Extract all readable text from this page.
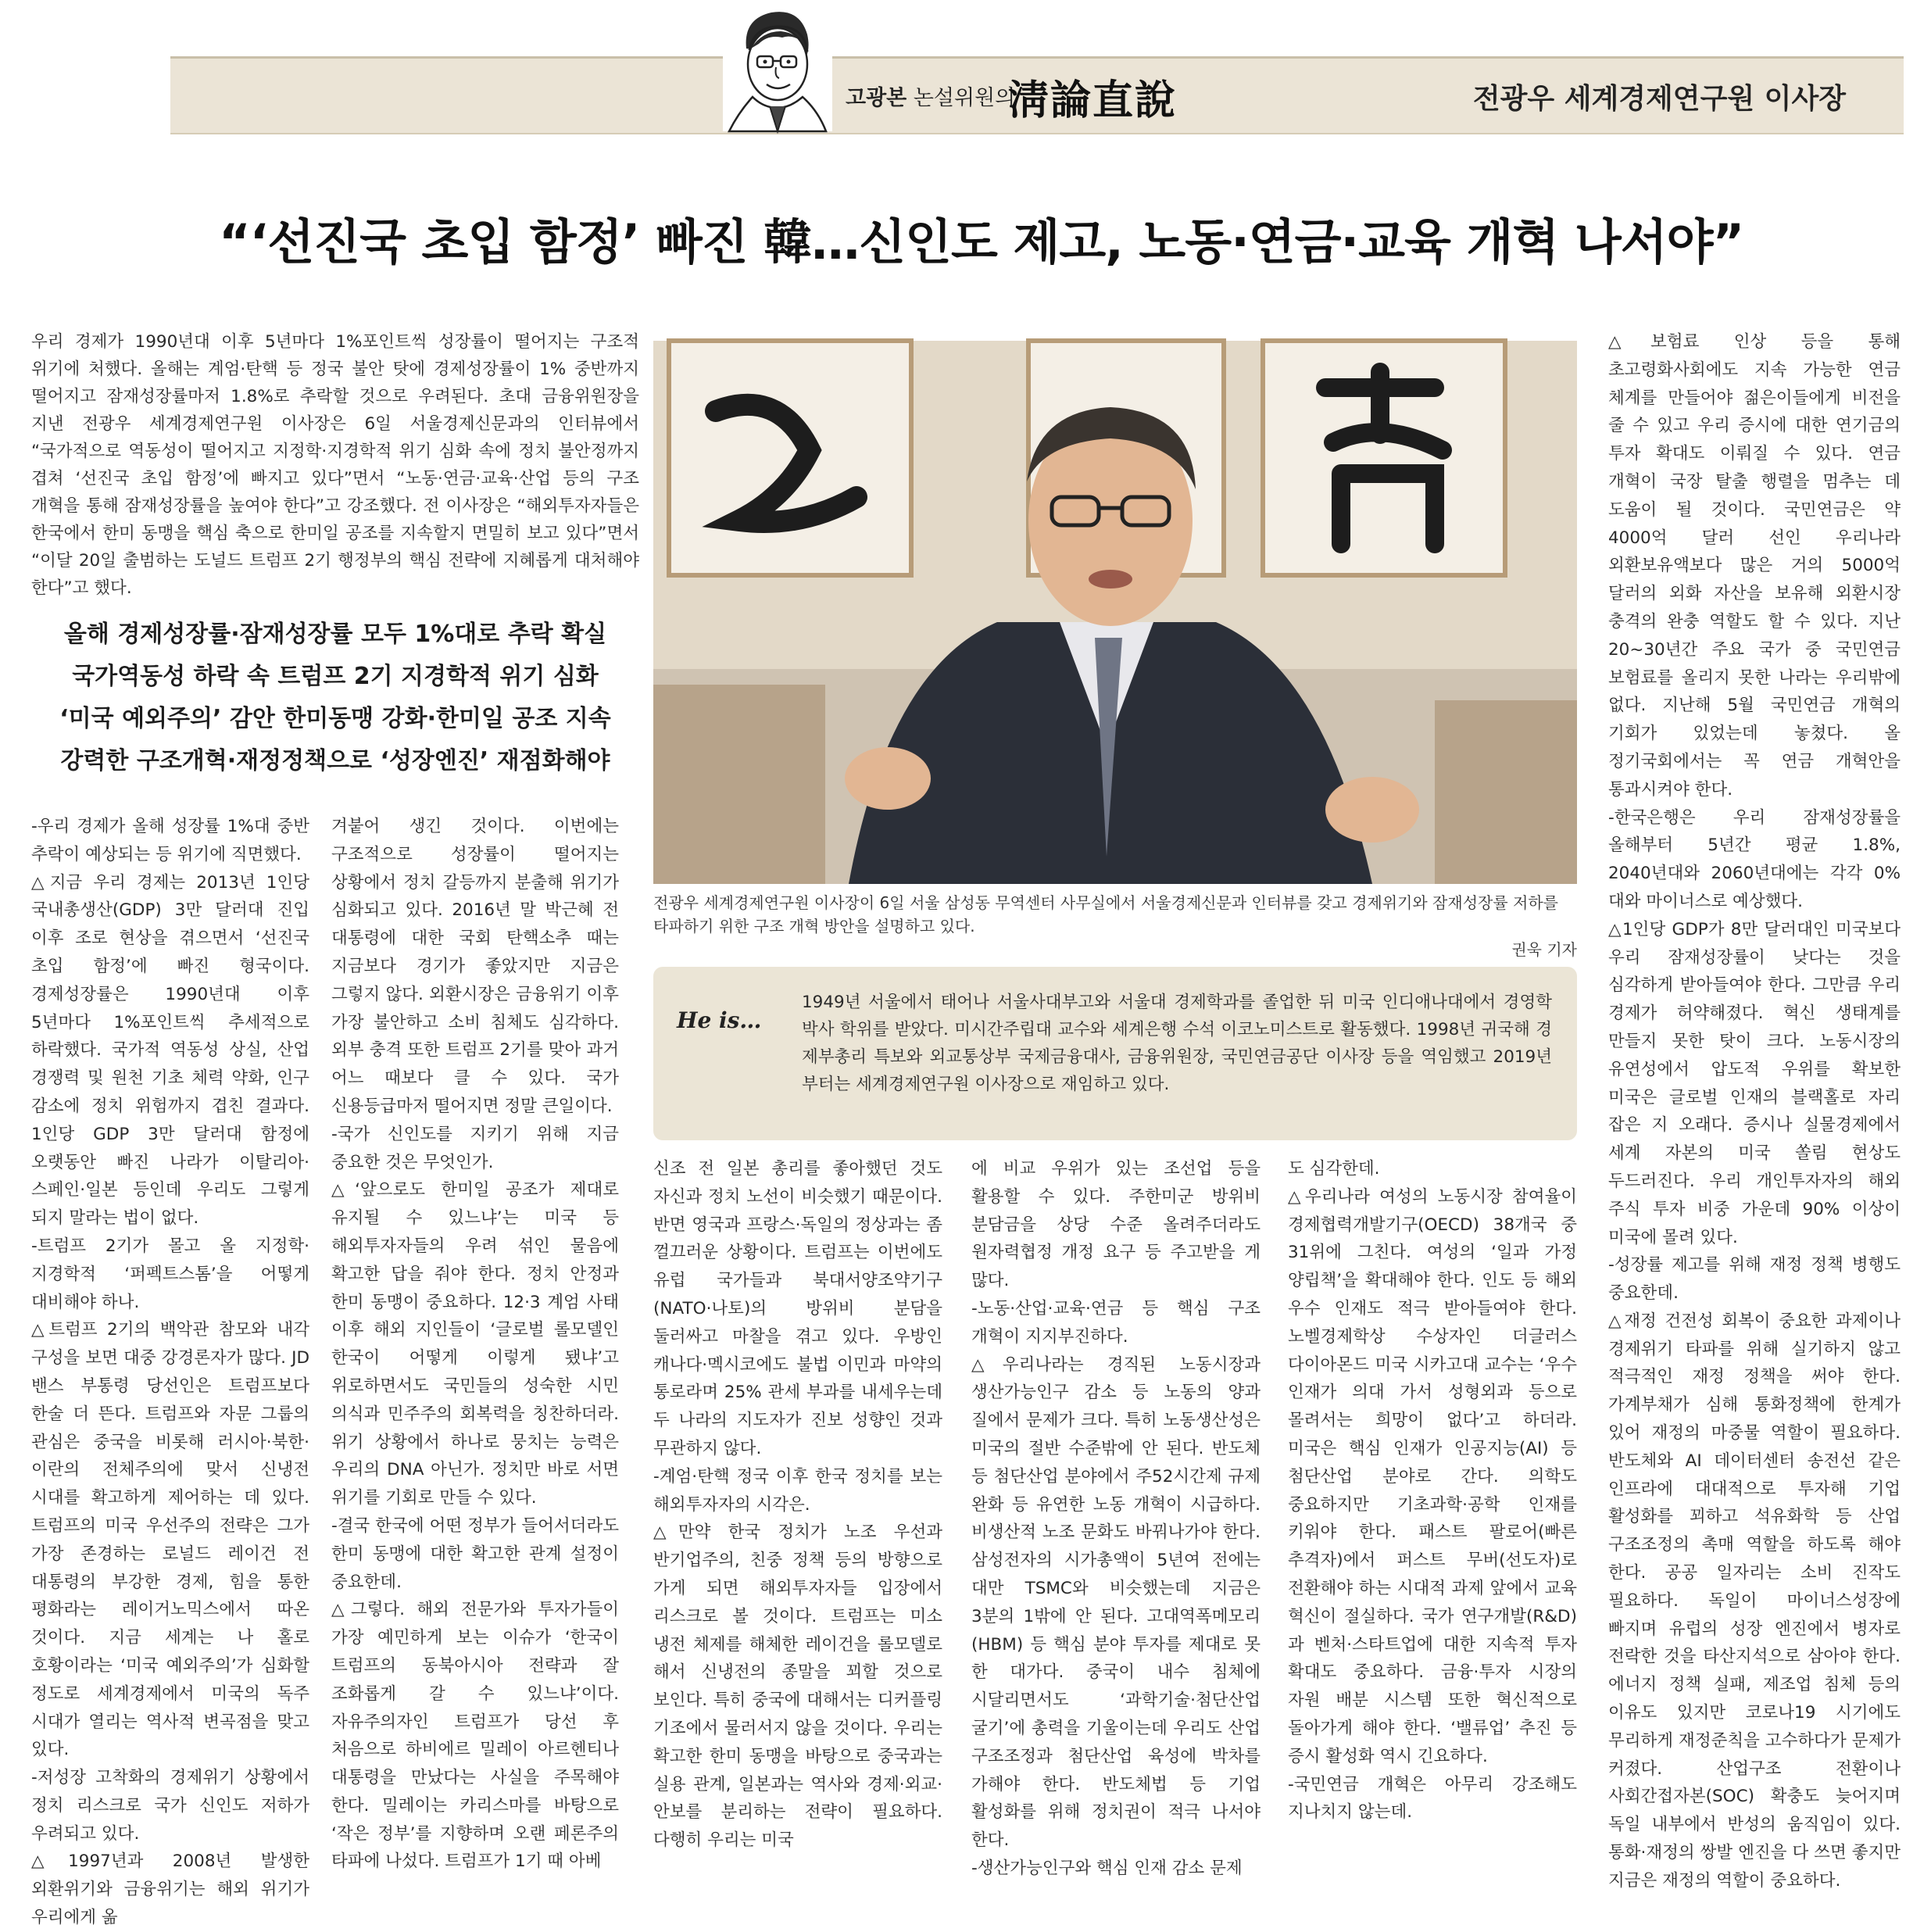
고광본 논설위원의
淸論直說	전광우 세계경제연구원 이사장
“‘선진국 초입 함정’ 빠진 韓…신인도 제고, 노동·연금·교육 개혁 나서야”

우리 경제가 1990년대 이후 5년마다 1%포인트씩 성장률이 떨어지는 구조적 위기에 처했다. 올해는 계엄·탄핵 등 정국 불안 탓에 경제성장률이 1% 중반까지 떨어지고 잠재성장률마저 1.8%로 추락할 것으로 우려된다. 초대 금융위원장을 지낸 전광우 세계경제연구원 이사장은 6일 서울경제신문과의 인터뷰에서 “국가적으로 역동성이 떨어지고 지정학·지경학적 위기 심화 속에 정치 불안정까지 겹쳐 ‘선진국 초입 함정’에 빠지고 있다”면서 “노동·연금·교육·산업 등의 구조 개혁을 통해 잠재성장률을 높여야 한다”고 강조했다. 전 이사장은 “해외투자자들은 한국에서 한미 동맹을 핵심 축으로 한미일 공조를 지속할지 면밀히 보고 있다”면서 “이달 20일 출범하는 도널드 트럼프 2기 행정부의 핵심 전략에 지혜롭게 대처해야 한다”고 했다.

올해 경제성장률·잠재성장률 모두 1%대로 추락 확실
국가역동성 하락 속 트럼프 2기 지경학적 위기 심화
‘미국 예외주의’ 감안 한미동맹 강화·한미일 공조 지속
강력한 구조개혁·재정정책으로 ‘성장엔진’ 재점화해야
전광우 세계경제연구원 이사장이 6일 서울 삼성동 무역센터 사무실에서 서울경제신문과 인터뷰를 갖고 경제위기와 잠재성장률 저하를 타파하기 위한 구조 개혁 방안을 설명하고 있다.
권욱 기자
He is…
1949년 서울에서 태어나 서울사대부고와 서울대 경제학과를 졸업한 뒤 미국 인디애나대에서 경영학 박사 학위를 받았다. 미시간주립대 교수와 세계은행 수석 이코노미스트로 활동했다. 1998년 귀국해 경제부총리 특보와 외교통상부 국제금융대사, 금융위원장, 국민연금공단 이사장 등을 역임했고 2019년부터는 세계경제연구원 이사장으로 재임하고 있다.

-우리 경제가 올해 성장률 1%대 중반 추락이 예상되는 등 위기에 직면했다.

△지금 우리 경제는 2013년 1인당 국내총생산(GDP) 3만 달러대 진입 이후 조로 현상을 겪으면서 ‘선진국 초입 함정’에 빠진 형국이다. 경제성장률은 1990년대 이후 5년마다 1%포인트씩 추세적으로 하락했다. 국가적 역동성 상실, 산업 경쟁력 및 원천 기초 체력 약화, 인구 감소에 정치 위험까지 겹친 결과다. 1인당 GDP 3만 달러대 함정에 오랫동안 빠진 나라가 이탈리아·스페인·일본 등인데 우리도 그렇게 되지 말라는 법이 없다.

-트럼프 2기가 몰고 올 지정학·지경학적 ‘퍼펙트스톰’을 어떻게 대비해야 하나.

△트럼프 2기의 백악관 참모와 내각 구성을 보면 대중 강경론자가 많다. JD 밴스 부통령 당선인은 트럼프보다 한술 더 뜬다. 트럼프와 자문 그룹의 관심은 중국을 비롯해 러시아·북한·이란의 전체주의에 맞서 신냉전 시대를 확고하게 제어하는 데 있다. 트럼프의 미국 우선주의 전략은 그가 가장 존경하는 로널드 레이건 전 대통령의 부강한 경제, 힘을 통한 평화라는 레이거노믹스에서 따온 것이다. 지금 세계는 나 홀로 호황이라는 ‘미국 예외주의’가 심화할 정도로 세계경제에서 미국의 독주 시대가 열리는 역사적 변곡점을 맞고 있다.

-저성장 고착화의 경제위기 상황에서 정치 리스크로 국가 신인도 저하가 우려되고 있다.

△1997년과 2008년 발생한 외환위기와 금융위기는 해외 위기가 우리에게 옮

겨붙어 생긴 것이다. 이번에는 구조적으로 성장률이 떨어지는 상황에서 정치 갈등까지 분출해 위기가 심화되고 있다. 2016년 말 박근혜 전 대통령에 대한 국회 탄핵소추 때는 지금보다 경기가 좋았지만 지금은 그렇지 않다. 외환시장은 금융위기 이후 가장 불안하고 소비 침체도 심각하다. 외부 충격 또한 트럼프 2기를 맞아 과거 어느 때보다 클 수 있다. 국가 신용등급마저 떨어지면 정말 큰일이다.

-국가 신인도를 지키기 위해 지금 중요한 것은 무엇인가.

△‘앞으로도 한미일 공조가 제대로 유지될 수 있느냐’는 미국 등 해외투자자들의 우려 섞인 물음에 확고한 답을 줘야 한다. 정치 안정과 한미 동맹이 중요하다. 12·3 계엄 사태 이후 해외 지인들이 ‘글로벌 롤모델인 한국이 어떻게 이렇게 됐냐’고 위로하면서도 국민들의 성숙한 시민 의식과 민주주의 회복력을 칭찬하더라. 위기 상황에서 하나로 뭉치는 능력은 우리의 DNA 아닌가. 정치만 바로 서면 위기를 기회로 만들 수 있다.

-결국 한국에 어떤 정부가 들어서더라도 한미 동맹에 대한 확고한 관계 설정이 중요한데.

△그렇다. 해외 전문가와 투자가들이 가장 예민하게 보는 이슈가 ‘한국이 트럼프의 동북아시아 전략과 잘 조화롭게 갈 수 있느냐’이다. 자유주의자인 트럼프가 당선 후 처음으로 하비에르 밀레이 아르헨티나 대통령을 만났다는 사실을 주목해야 한다. 밀레이는 카리스마를 바탕으로 ‘작은 정부’를 지향하며 오랜 페론주의 타파에 나섰다. 트럼프가 1기 때 아베

신조 전 일본 총리를 좋아했던 것도 자신과 정치 노선이 비슷했기 때문이다. 반면 영국과 프랑스·독일의 정상과는 좀 껄끄러운 상황이다. 트럼프는 이번에도 유럽 국가들과 북대서양조약기구(NATO·나토)의 방위비 분담을 둘러싸고 마찰을 겪고 있다. 우방인 캐나다·멕시코에도 불법 이민과 마약의 통로라며 25% 관세 부과를 내세우는데 두 나라의 지도자가 진보 성향인 것과 무관하지 않다.

-계엄·탄핵 정국 이후 한국 정치를 보는 해외투자자의 시각은.

△만약 한국 정치가 노조 우선과 반기업주의, 친중 정책 등의 방향으로 가게 되면 해외투자자들 입장에서 리스크로 볼 것이다. 트럼프는 미소 냉전 체제를 해체한 레이건을 롤모델로 해서 신냉전의 종말을 꾀할 것으로 보인다. 특히 중국에 대해서는 디커플링 기조에서 물러서지 않을 것이다. 우리는 확고한 한미 동맹을 바탕으로 중국과는 실용 관계, 일본과는 역사와 경제·외교·안보를 분리하는 전략이 필요하다. 다행히 우리는 미국

에 비교 우위가 있는 조선업 등을 활용할 수 있다. 주한미군 방위비 분담금을 상당 수준 올려주더라도 원자력협정 개정 요구 등 주고받을 게 많다.

-노동·산업·교육·연금 등 핵심 구조 개혁이 지지부진하다.

△우리나라는 경직된 노동시장과 생산가능인구 감소 등 노동의 양과 질에서 문제가 크다. 특히 노동생산성은 미국의 절반 수준밖에 안 된다. 반도체 등 첨단산업 분야에서 주52시간제 규제 완화 등 유연한 노동 개혁이 시급하다. 비생산적 노조 문화도 바꿔나가야 한다. 삼성전자의 시가총액이 5년여 전에는 대만 TSMC와 비슷했는데 지금은 3분의 1밖에 안 된다. 고대역폭메모리(HBM) 등 핵심 분야 투자를 제대로 못 한 대가다. 중국이 내수 침체에 시달리면서도 ‘과학기술·첨단산업 굴기’에 총력을 기울이는데 우리도 산업 구조조정과 첨단산업 육성에 박차를 가해야 한다. 반도체법 등 기업 활성화를 위해 정치권이 적극 나서야 한다.

-생산가능인구와 핵심 인재 감소 문제

도 심각한데.

△우리나라 여성의 노동시장 참여율이 경제협력개발기구(OECD) 38개국 중 31위에 그친다. 여성의 ‘일과 가정 양립책’을 확대해야 한다. 인도 등 해외 우수 인재도 적극 받아들여야 한다. 노벨경제학상 수상자인 더글러스 다이아몬드 미국 시카고대 교수는 ‘우수 인재가 의대 가서 성형외과 등으로 몰려서는 희망이 없다’고 하더라. 미국은 핵심 인재가 인공지능(AI) 등 첨단산업 분야로 간다. 의학도 중요하지만 기초과학·공학 인재를 키워야 한다. 패스트 팔로어(빠른 추격자)에서 퍼스트 무버(선도자)로 전환해야 하는 시대적 과제 앞에서 교육 혁신이 절실하다. 국가 연구개발(R&D)과 벤처·스타트업에 대한 지속적 투자 확대도 중요하다. 금융·투자 시장의 자원 배분 시스템 또한 혁신적으로 돌아가게 해야 한다. ‘밸류업’ 추진 등 증시 활성화 역시 긴요하다.

-국민연금 개혁은 아무리 강조해도 지나치지 않는데.

△보험료 인상 등을 통해 초고령화사회에도 지속 가능한 연금 체계를 만들어야 젊은이들에게 비전을 줄 수 있고 우리 증시에 대한 연기금의 투자 확대도 이뤄질 수 있다. 연금 개혁이 국장 탈출 행렬을 멈추는 데 도움이 될 것이다. 국민연금은 약 4000억 달러 선인 우리나라 외환보유액보다 많은 거의 5000억 달러의 외화 자산을 보유해 외환시장 충격의 완충 역할도 할 수 있다. 지난 20~30년간 주요 국가 중 국민연금 보험료를 올리지 못한 나라는 우리밖에 없다. 지난해 5월 국민연금 개혁의 기회가 있었는데 놓쳤다. 올 정기국회에서는 꼭 연금 개혁안을 통과시켜야 한다.

-한국은행은 우리 잠재성장률을 올해부터 5년간 평균 1.8%, 2040년대와 2060년대에는 각각 0%대와 마이너스로 예상했다.

△1인당 GDP가 8만 달러대인 미국보다 우리 잠재성장률이 낮다는 것을 심각하게 받아들여야 한다. 그만큼 우리 경제가 허약해졌다. 혁신 생태계를 만들지 못한 탓이 크다. 노동시장의 유연성에서 압도적 우위를 확보한 미국은 글로벌 인재의 블랙홀로 자리 잡은 지 오래다. 증시나 실물경제에서 세계 자본의 미국 쏠림 현상도 두드러진다. 우리 개인투자자의 해외 주식 투자 비중 가운데 90% 이상이 미국에 몰려 있다.

-성장률 제고를 위해 재정 정책 병행도 중요한데.

△재정 건전성 회복이 중요한 과제이나 경제위기 타파를 위해 실기하지 않고 적극적인 재정 정책을 써야 한다. 가계부채가 심해 통화정책에 한계가 있어 재정의 마중물 역할이 필요하다. 반도체와 AI 데이터센터 송전선 같은 인프라에 대대적으로 투자해 기업 활성화를 꾀하고 석유화학 등 산업 구조조정의 촉매 역할을 하도록 해야 한다. 공공 일자리는 소비 진작도 필요하다. 독일이 마이너스성장에 빠지며 유럽의 성장 엔진에서 병자로 전락한 것을 타산지석으로 삼아야 한다. 에너지 정책 실패, 제조업 침체 등의 이유도 있지만 코로나19 시기에도 무리하게 재정준칙을 고수하다가 문제가 커졌다. 산업구조 전환이나 사회간접자본(SOC) 확충도 늦어지며 독일 내부에서 반성의 움직임이 있다. 통화·재정의 쌍발 엔진을 다 쓰면 좋지만 지금은 재정의 역할이 중요하다.
